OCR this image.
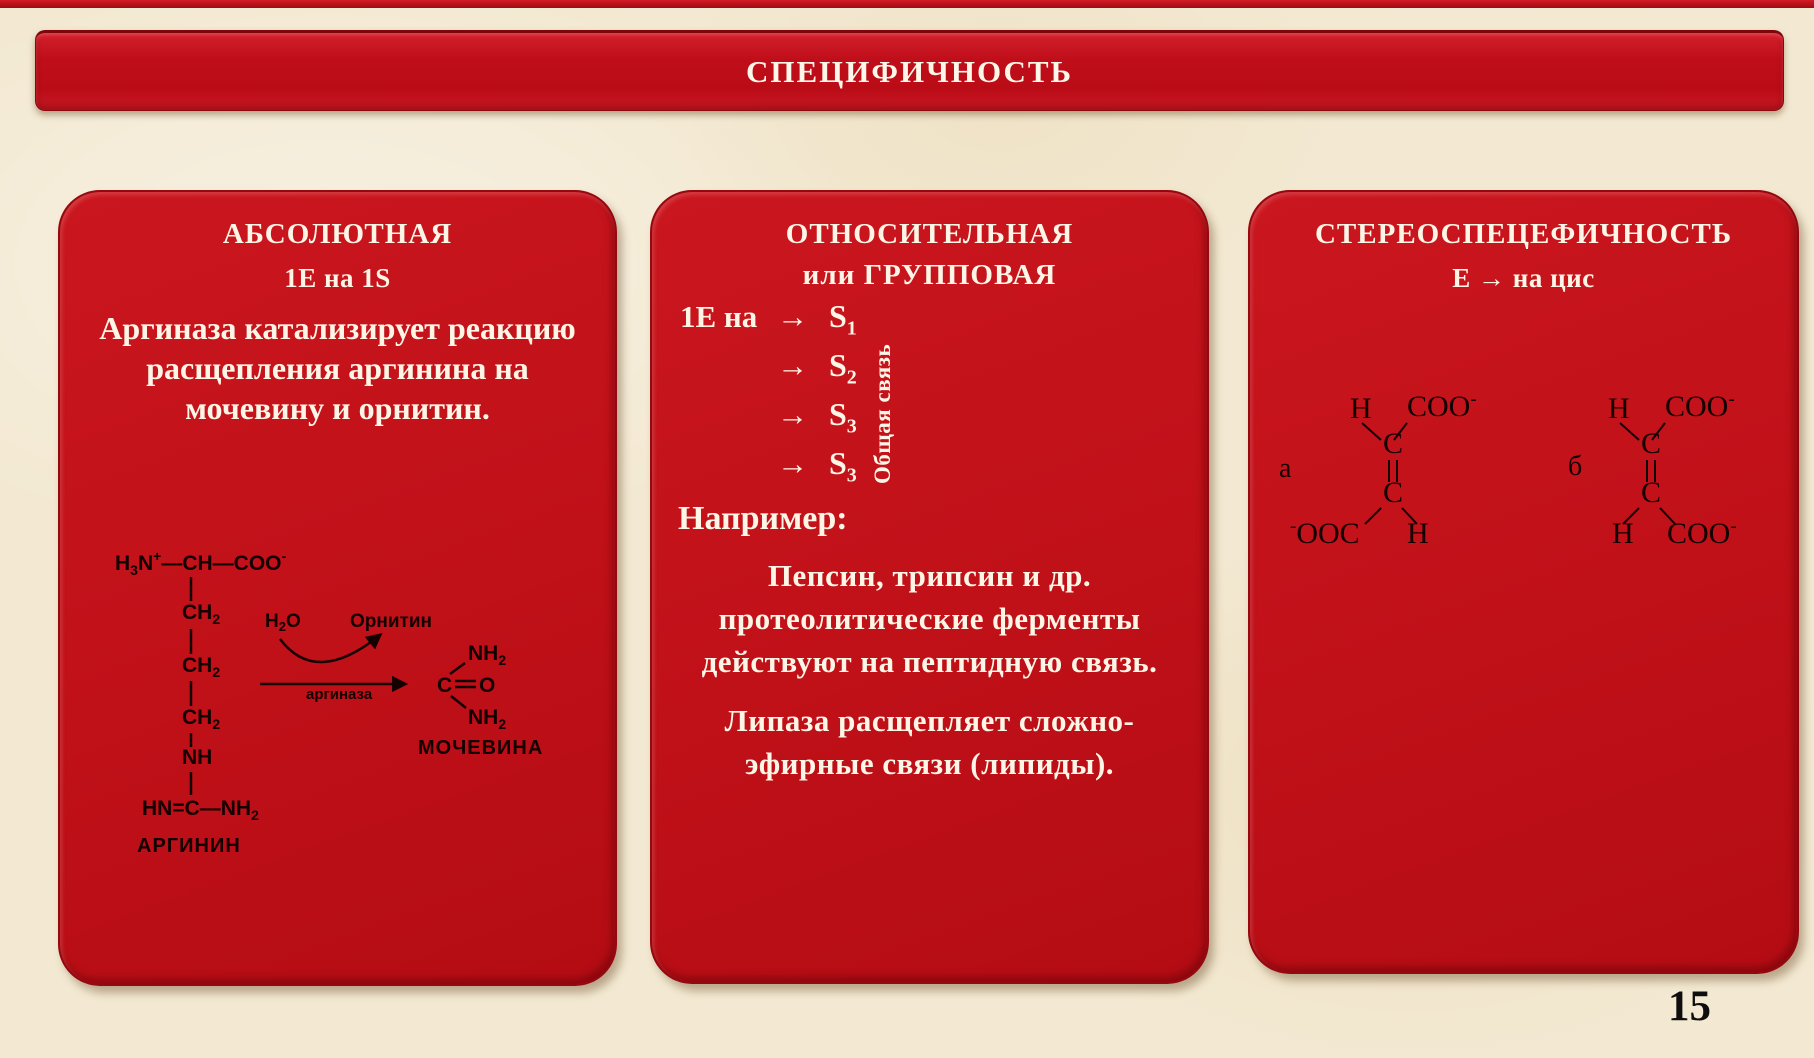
СПЕЦИФИЧНОСТЬ
АБСОЛЮТНАЯ
1Е на 1S

Аргиназа катализирует реакцию расщепления аргинина на мочевину и орнитин.

$H_3N^+—CH—COO^-$
$CH_2$
$CH_2$
$CH_2$
NH
$HN=C—NH_2$
АРГИНИН
$H_2O$	Орнитин
аргиназа	C O
$NH_2$
$NH_2$
МОЧЕВИНА
ОТНОСИТЕЛЬНАЯ
или ГРУППОВАЯ
1Е на → $S_1$
→ $S_2$
→ $S_3$
→ $S_3$ Общая связь
Например:

Пепсин, трипсин и др. протеолитические ферменты действуют на пептидную связь.

Липаза расщепляет сложно-эфирные связи (липиды).

СТЕРЕОСПЕЦЕФИЧНОСТЬ
Е → на цис
H COO-
C
а
C
-OOC H
H COO-
C
б
C
H COO-
15
